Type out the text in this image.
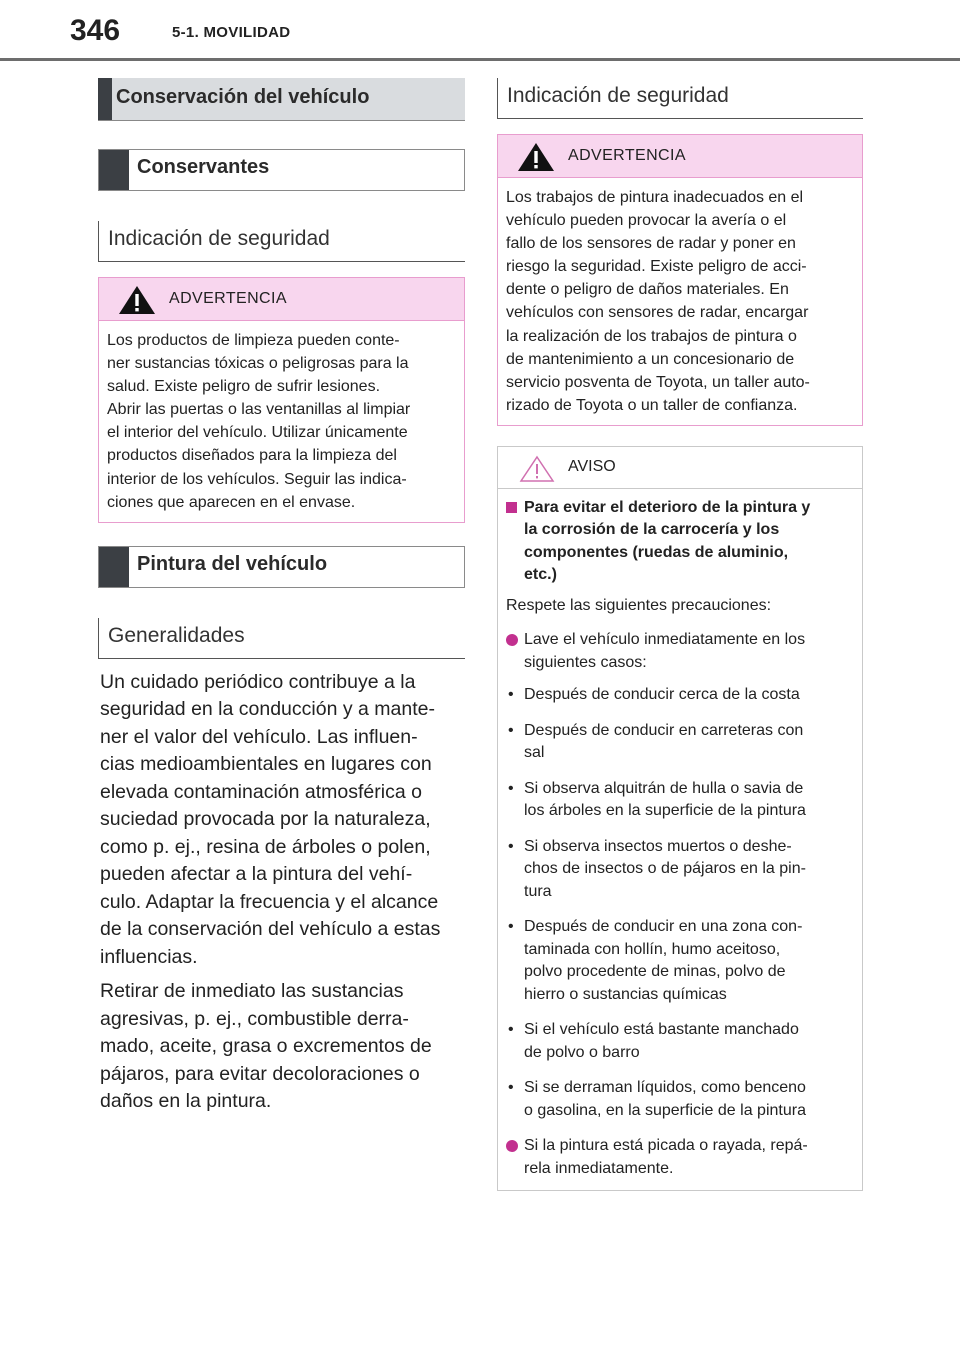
346	5-1. MOVILIDAD
Conservación del vehículo
Conservantes
Indicación de seguridad
ADVERTENCIA
Los productos de limpieza pueden conte-
ner sustancias tóxicas o peligrosas para la
salud. Existe peligro de sufrir lesiones.
Abrir las puertas o las ventanillas al limpiar
el interior del vehículo. Utilizar únicamente
productos diseñados para la limpieza del
interior de los vehículos. Seguir las indica-
ciones que aparecen en el envase.
Pintura del vehículo
Generalidades

Un cuidado periódico contribuye a la
seguridad en la conducción y a mante-
ner el valor del vehículo. Las influen-
cias medioambientales en lugares con
elevada contaminación atmosférica o
suciedad provocada por la naturaleza,
como p. ej., resina de árboles o polen,
pueden afectar a la pintura del vehí-
culo. Adaptar la frecuencia y el alcance
de la conservación del vehículo a estas
influencias.

Retirar de inmediato las sustancias
agresivas, p. ej., combustible derra-
mado, aceite, grasa o excrementos de
pájaros, para evitar decoloraciones o
daños en la pintura.

Indicación de seguridad
ADVERTENCIA
Los trabajos de pintura inadecuados en el
vehículo pueden provocar la avería o el
fallo de los sensores de radar y poner en
riesgo la seguridad. Existe peligro de acci-
dente o peligro de daños materiales. En
vehículos con sensores de radar, encargar
la realización de los trabajos de pintura o
de mantenimiento a un concesionario de
servicio posventa de Toyota, un taller auto-
rizado de Toyota o un taller de confianza.
AVISO
Para evitar el deterioro de la pintura y
la corrosión de la carrocería y los
componentes (ruedas de aluminio,
etc.)
Respete las siguientes precauciones:
Lave el vehículo inmediatamente en los
siguientes casos:
• Después de conducir cerca de la costa
• Después de conducir en carreteras con
sal
• Si observa alquitrán de hulla o savia de
los árboles en la superficie de la pintura
• Si observa insectos muertos o deshe-
chos de insectos o de pájaros en la pin-
tura
• Después de conducir en una zona con-
taminada con hollín, humo aceitoso,
polvo procedente de minas, polvo de
hierro o sustancias químicas
• Si el vehículo está bastante manchado
de polvo o barro
• Si se derraman líquidos, como benceno
o gasolina, en la superficie de la pintura
Si la pintura está picada o rayada, repá-
rela inmediatamente.
